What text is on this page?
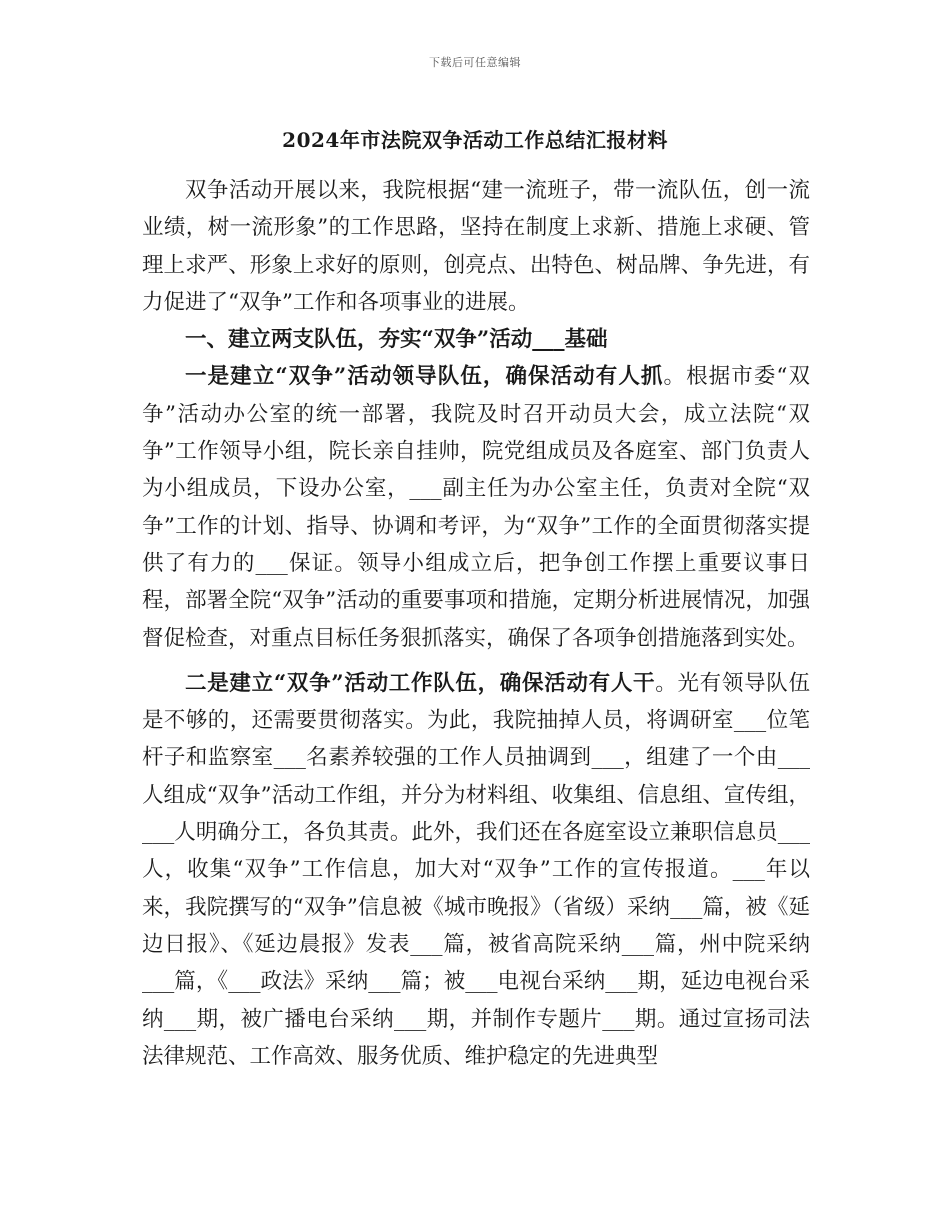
下载后可任意编辑
2024年市法院双争活动工作总结汇报材料

双争活动开展以来，我院根据“建一流班子，带一流队伍，创一流业绩，树一流形象”的工作思路，坚持在制度上求新、措施上求硬、管理上求严、形象上求好的原则，创亮点、出特色、树品牌、争先进，有力促进了“双争”工作和各项事业的进展。

一、建立两支队伍，夯实“双争”活动___基础

一是建立“双争”活动领导队伍，确保活动有人抓。根据市委“双争”活动办公室的统一部署，我院及时召开动员大会，成立法院“双争”工作领导小组，院长亲自挂帅，院党组成员及各庭室、部门负责人为小组成员，下设办公室，___副主任为办公室主任，负责对全院“双争”工作的计划、指导、协调和考评，为“双争”工作的全面贯彻落实提供了有力的___保证。领导小组成立后，把争创工作摆上重要议事日程，部署全院“双争”活动的重要事项和措施，定期分析进展情况，加强督促检查，对重点目标任务狠抓落实，确保了各项争创措施落到实处。

二是建立“双争”活动工作队伍，确保活动有人干。光有领导队伍是不够的，还需要贯彻落实。为此，我院抽掉人员，将调研室___位笔杆子和监察室___名素养较强的工作人员抽调到___，组建了一个由___人组成“双争”活动工作组，并分为材料组、收集组、信息组、宣传组，___人明确分工，各负其责。此外，我们还在各庭室设立兼职信息员___人，收集“双争”工作信息，加大对“双争”工作的宣传报道。___年以来，我院撰写的“双争”信息被《城市晚报》（省级）采纳___篇，被《延边日报》、《延边晨报》发表___篇，被省高院采纳___篇，州中院采纳___篇，《___政法》采纳___篇；被___电视台采纳___期，延边电视台采纳___期，被广播电台采纳___期，并制作专题片___期。通过宣扬司法法律规范、工作高效、服务优质、维护稳定的先进典型
